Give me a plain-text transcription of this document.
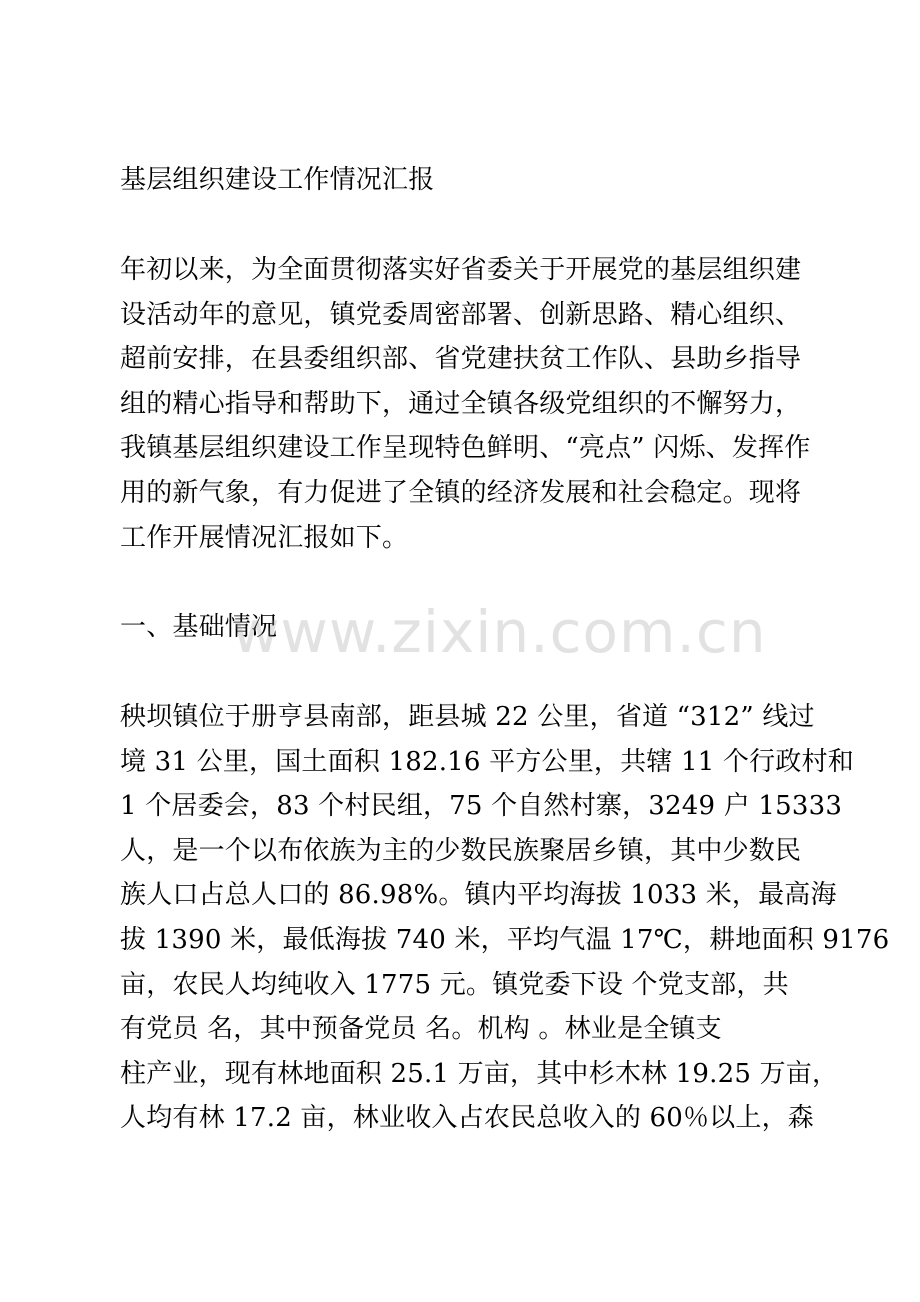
基层组织建设工作情况汇报
年初以来，为全面贯彻落实好省委关于开展党的基层组织建
设活动年的意见，镇党委周密部署、创新思路、精心组织、
超前安排，在县委组织部、省党建扶贫工作队、县助乡指导
组的精心指导和帮助下，通过全镇各级党组织的不懈努力，
我镇基层组织建设工作呈现特色鲜明、“亮点” 闪烁、发挥作
用的新气象，有力促进了全镇的经济发展和社会稳定。现将
工作开展情况汇报如下。
一、基础情况
秧坝镇位于册亨县南部，距县城 22 公里，省道 “312” 线过
境 31 公里，国土面积 182.16 平方公里，共辖 11 个行政村和
1 个居委会，83 个村民组，75 个自然村寨，3249 户 15333
人，是一个以布依族为主的少数民族聚居乡镇，其中少数民
族人口占总人口的 86.98%。镇内平均海拔 1033 米，最高海
拔 1390 米，最低海拔 740 米，平均气温 17℃，耕地面积 9176
亩，农民人均纯收入 1775 元。镇党委下设 个党支部，共
有党员 名，其中预备党员 名。机构 。林业是全镇支
柱产业，现有林地面积 25.1 万亩，其中杉木林 19.25 万亩，
人均有林 17.2 亩，林业收入占农民总收入的 60％以上，森
www.zixin.com.cn
